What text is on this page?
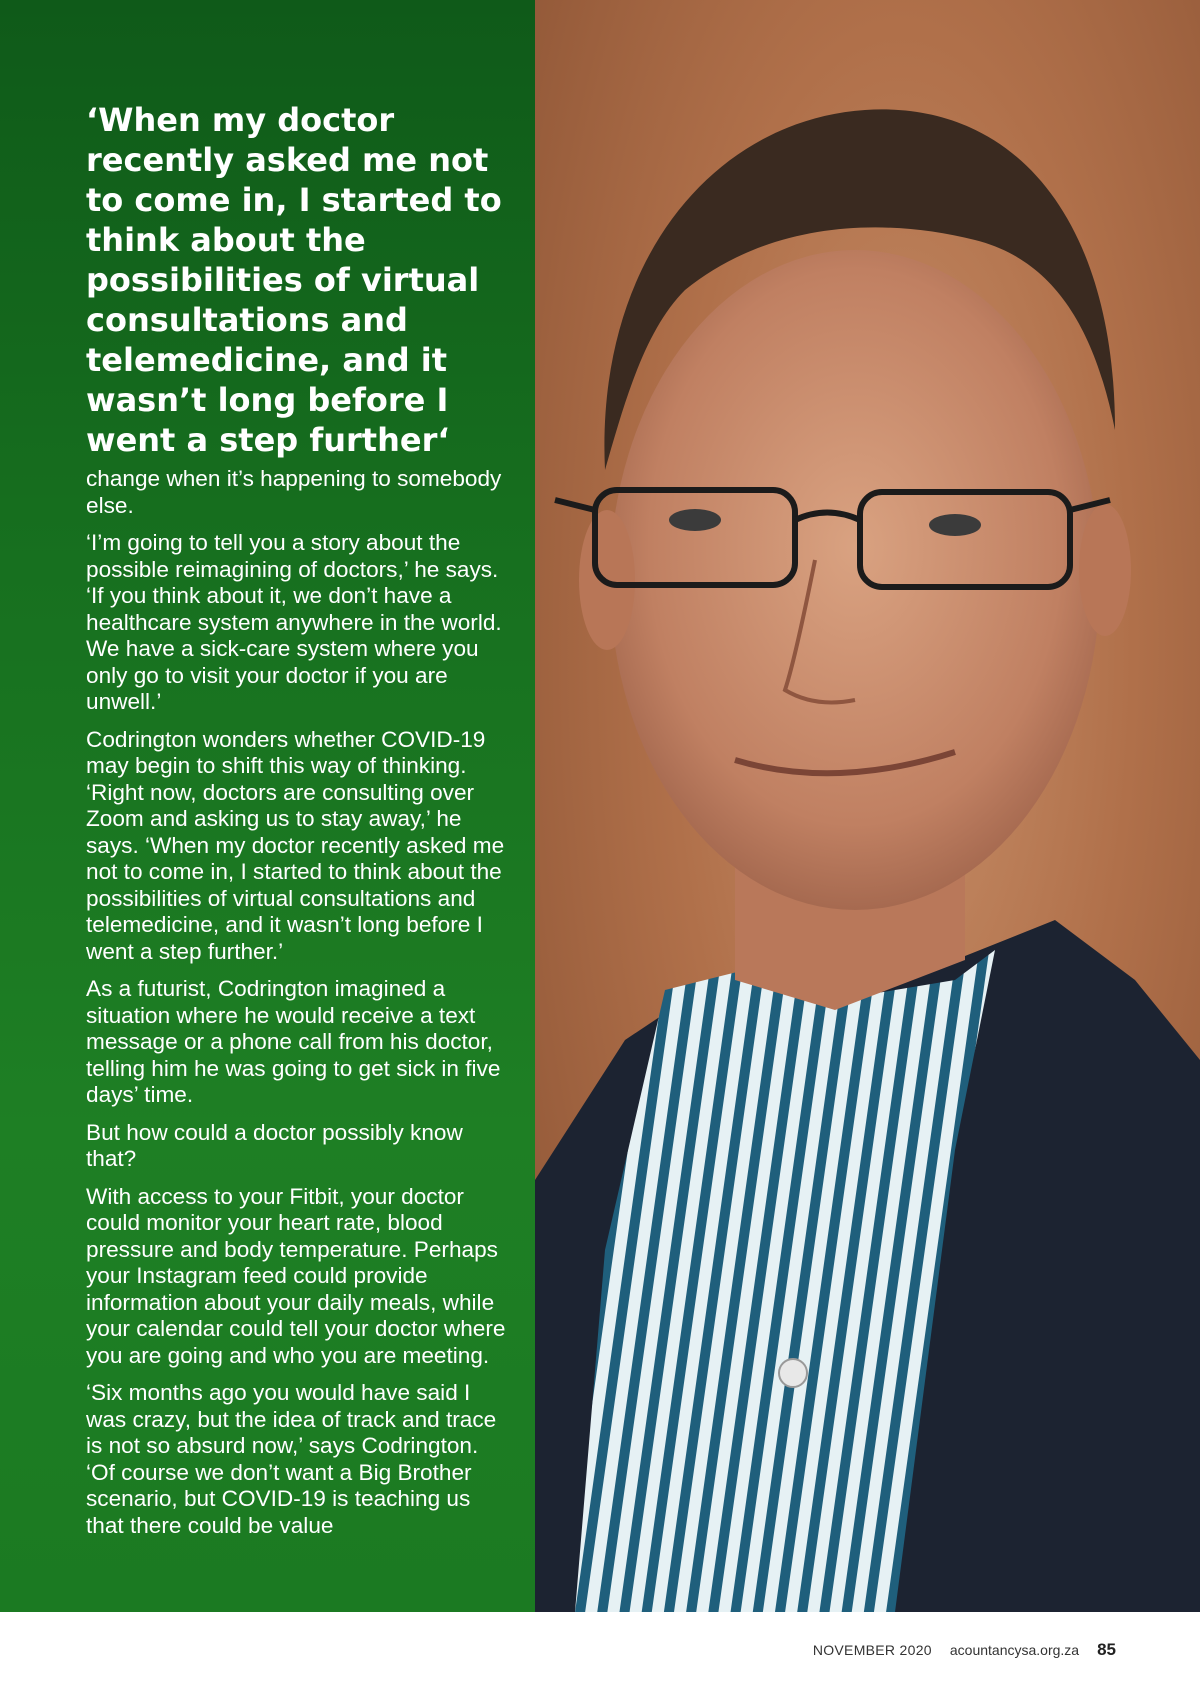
‘When my doctor recently asked me not to come in, I started to think about the possibilities of virtual consultations and telemedicine, and it wasn’t long before I went a step further‘

change when it’s happening to somebody else.

‘I’m going to tell you a story about the possible reimagining of doctors,’ he says. ‘If you think about it, we don’t have a healthcare system anywhere in the world. We have a sick-care system where you only go to visit your doctor if you are unwell.’

Codrington wonders whether COVID-19 may begin to shift this way of thinking. ‘Right now, doctors are consulting over Zoom and asking us to stay away,’ he says. ‘When my doctor recently asked me not to come in, I started to think about the possibilities of virtual consultations and telemedicine, and it wasn’t long before I went a step further.’

As a futurist, Codrington imagined a situation where he would receive a text message or a phone call from his doctor, telling him he was going to get sick in five days’ time.

But how could a doctor possibly know that?

With access to your Fitbit, your doctor could monitor your heart rate, blood pressure and body temperature. Perhaps your Instagram feed could provide information about your daily meals, while your calendar could tell your doctor where you are going and who you are meeting.

‘Six months ago you would have said I was crazy, but the idea of track and trace is not so absurd now,’ says Codrington. ‘Of course we don’t want a Big Brother scenario, but COVID-19 is teaching us that there could be value

NOVEMBER 2020 acountancysa.org.za 85
